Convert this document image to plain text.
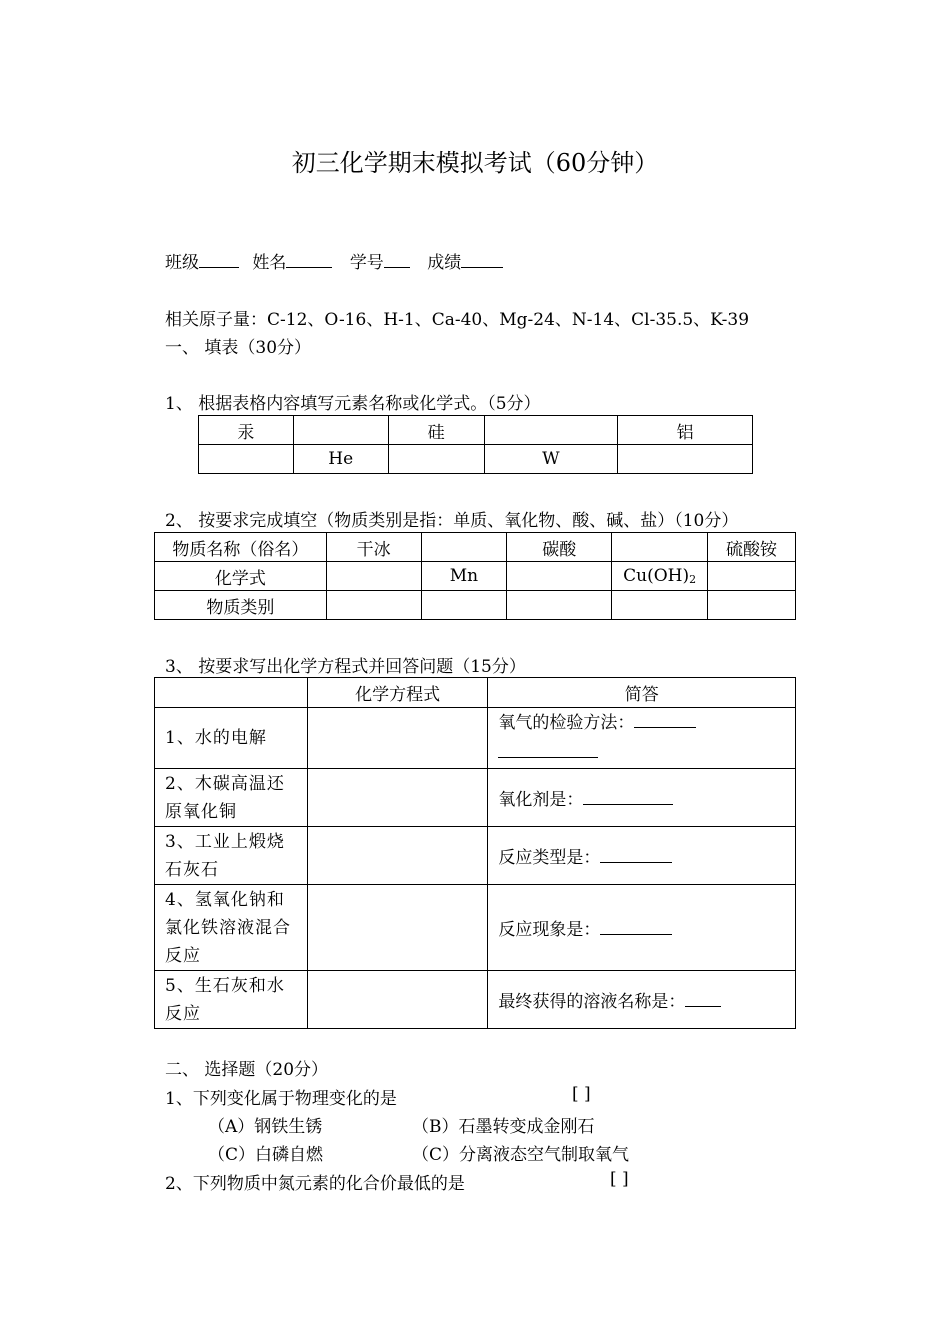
初三化学期末模拟考试（60分钟）
班级	姓名	学号	成绩
相关原子量：C-12、O-16、H-1、Ca-40、Mg-24、N-14、Cl-35.5、K-39
一、 填表（30分）
1、 根据表格内容填写元素名称或化学式。（5分）
汞		硅		铝
	He		W	
2、 按要求完成填空（物质类别是指：单质、氧化物、酸、碱、盐）（10分）
物质名称（俗名）	干冰		碳酸		硫酸铵
化学式		Mn		$Cu(OH)_2$	
物质类别					
3、 按要求写出化学方程式并回答问题（15分）
	化学方程式	简答
1、水的电解		氧气的检验方法：

2、木碳高温还原氧化铜		氧化剂是：
3、工业上煅烧石灰石		反应类型是：
4、氢氧化钠和氯化铁溶液混合反应		反应现象是：
5、生石灰和水反应		最终获得的溶液名称是：
二、 选择题（20分）
1、下列变化属于物理变化的是	[ ]
（A）钢铁生锈	（B）石墨转变成金刚石
（C）白磷自燃	（C）分离液态空气制取氧气
2、下列物质中氮元素的化合价最低的是	[ ]
